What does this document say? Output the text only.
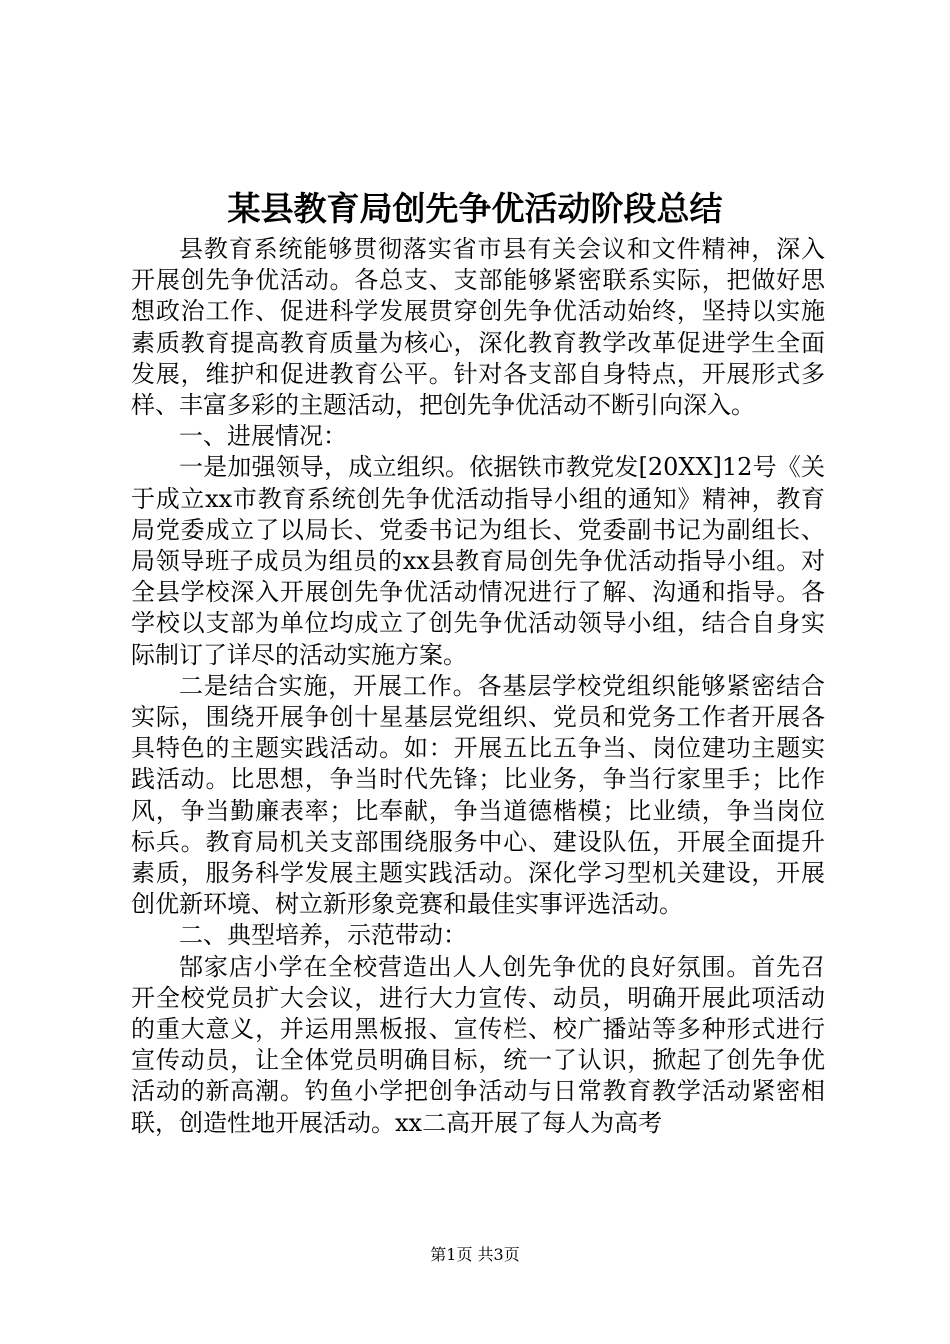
某县教育局创先争优活动阶段总结

县教育系统能够贯彻落实省市县有关会议和文件精神，深入开展创先争优活动。各总支、支部能够紧密联系实际，把做好思想政治工作、促进科学发展贯穿创先争优活动始终，坚持以实施素质教育提高教育质量为核心，深化教育教学改革促进学生全面发展，维护和促进教育公平。针对各支部自身特点，开展形式多样、丰富多彩的主题活动，把创先争优活动不断引向深入。

一、进展情况：

一是加强领导，成立组织。依据铁市教党发[20XX]12号《关于成立xx市教育系统创先争优活动指导小组的通知》精神，教育局党委成立了以局长、党委书记为组长、党委副书记为副组长、局领导班子成员为组员的xx县教育局创先争优活动指导小组。对全县学校深入开展创先争优活动情况进行了解、沟通和指导。各学校以支部为单位均成立了创先争优活动领导小组，结合自身实际制订了详尽的活动实施方案。

二是结合实施，开展工作。各基层学校党组织能够紧密结合实际，围绕开展争创十星基层党组织、党员和党务工作者开展各具特色的主题实践活动。如：开展五比五争当、岗位建功主题实践活动。比思想，争当时代先锋；比业务，争当行家里手；比作风，争当勤廉表率；比奉献，争当道德楷模；比业绩，争当岗位标兵。教育局机关支部围绕服务中心、建设队伍，开展全面提升素质，服务科学发展主题实践活动。深化学习型机关建设，开展创优新环境、树立新形象竞赛和最佳实事评选活动。

二、典型培养，示范带动：

郜家店小学在全校营造出人人创先争优的良好氛围。首先召开全校党员扩大会议，进行大力宣传、动员，明确开展此项活动的重大意义，并运用黑板报、宣传栏、校广播站等多种形式进行宣传动员，让全体党员明确目标，统一了认识，掀起了创先争优活动的新高潮。钓鱼小学把创争活动与日常教育教学活动紧密相联，创造性地开展活动。xx二高开展了每人为高考

第1页 共3页
